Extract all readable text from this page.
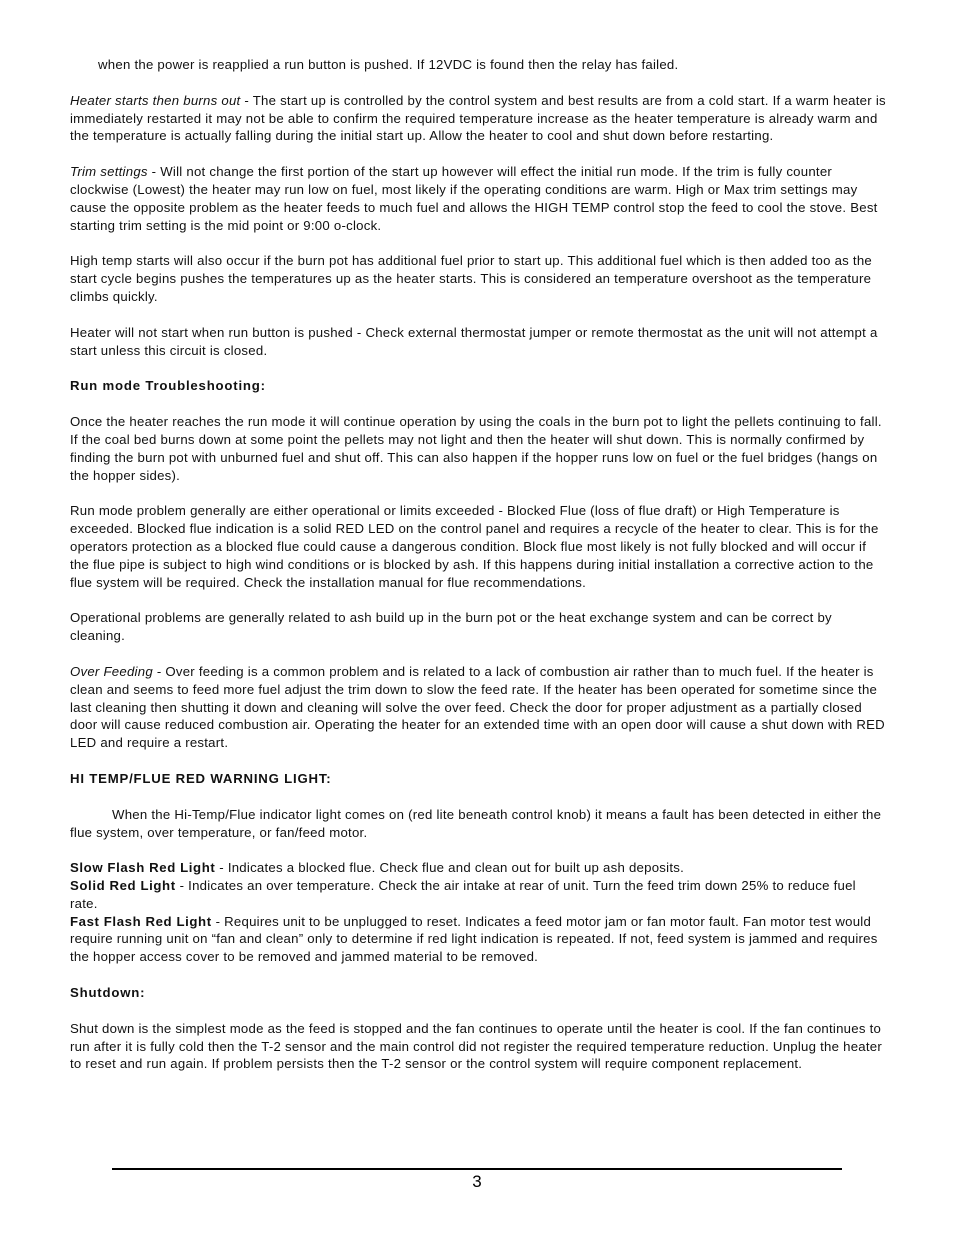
when the power is reapplied a run button is pushed. If 12VDC is found then the relay has failed.

Heater starts then burns out - The start up is controlled by the control system and best results are from a cold start. If a warm heater is immediately restarted it may not be able to confirm the required temperature increase as the heater temperature is already warm and the temperature is actually falling during the initial start up. Allow the heater to cool and shut down before restarting.

Trim settings - Will not change the first portion of the start up however will effect the initial run mode. If the trim is fully counter clockwise (Lowest) the heater may run low on fuel, most likely if the operating conditions are warm. High or Max trim settings may cause the opposite problem as the heater feeds to much fuel and allows the HIGH TEMP control stop the feed to cool the stove. Best starting trim setting is the mid point or 9:00 o-clock.

High temp starts will also occur if the burn pot has additional fuel prior to start up. This additional fuel which is then added too as the start cycle begins pushes the temperatures up as the heater starts. This is considered an temperature overshoot as the temperature climbs quickly.

Heater will not start when run button is pushed - Check external thermostat jumper or remote thermostat as the unit will not attempt a start unless this circuit is closed.

Run mode Troubleshooting:

Once the heater reaches the run mode it will continue operation by using the coals in the burn pot to light the pellets continuing to fall. If the coal bed burns down at some point the pellets may not light and then the heater will shut down. This is normally confirmed by finding the burn pot with unburned fuel and shut off. This can also happen if the hopper runs low on fuel or the fuel bridges (hangs on the hopper sides).

Run mode problem generally are either operational or limits exceeded - Blocked Flue (loss of flue draft) or High Temperature is exceeded. Blocked flue indication is a solid RED LED on the control panel and requires a recycle of the heater to clear. This is for the operators protection as a blocked flue could cause a dangerous condition. Block flue most likely is not fully blocked and will occur if the flue pipe is subject to high wind conditions or is blocked by ash. If this happens during initial installation a corrective action to the flue system will be required. Check the installation manual for flue recommendations.

Operational problems are generally related to ash build up in the burn pot or the heat exchange system and can be correct by cleaning.

Over Feeding - Over feeding is a common problem and is related to a lack of combustion air rather than to much fuel. If the heater is clean and seems to feed more fuel adjust the trim down to slow the feed rate. If the heater has been operated for sometime since the last cleaning then shutting it down and cleaning will solve the over feed. Check the door for proper adjustment as a partially closed door will cause reduced combustion air. Operating the heater for an extended time with an open door will cause a shut down with RED LED and require a restart.

HI TEMP/FLUE RED WARNING LIGHT:

When the Hi-Temp/Flue indicator light comes on (red lite beneath control knob) it means a fault has been detected in either the flue system, over temperature, or fan/feed motor.

Slow Flash Red Light - Indicates a blocked flue. Check flue and clean out for built up ash deposits.

Solid Red Light - Indicates an over temperature. Check the air intake at rear of unit. Turn the feed trim down 25% to reduce fuel rate.

Fast Flash Red Light - Requires unit to be unplugged to reset. Indicates a feed motor jam or fan motor fault. Fan motor test would require running unit on “fan and clean” only to determine if red light indication is repeated. If not, feed system is jammed and requires the hopper access cover to be removed and jammed material to be removed.

Shutdown:

Shut down is the simplest mode as the feed is stopped and the fan continues to operate until the heater is cool. If the fan continues to run after it is fully cold then the T-2 sensor and the main control did not register the required temperature reduction. Unplug the heater to reset and run again. If problem persists then the T-2 sensor or the control system will require component replacement.

3
